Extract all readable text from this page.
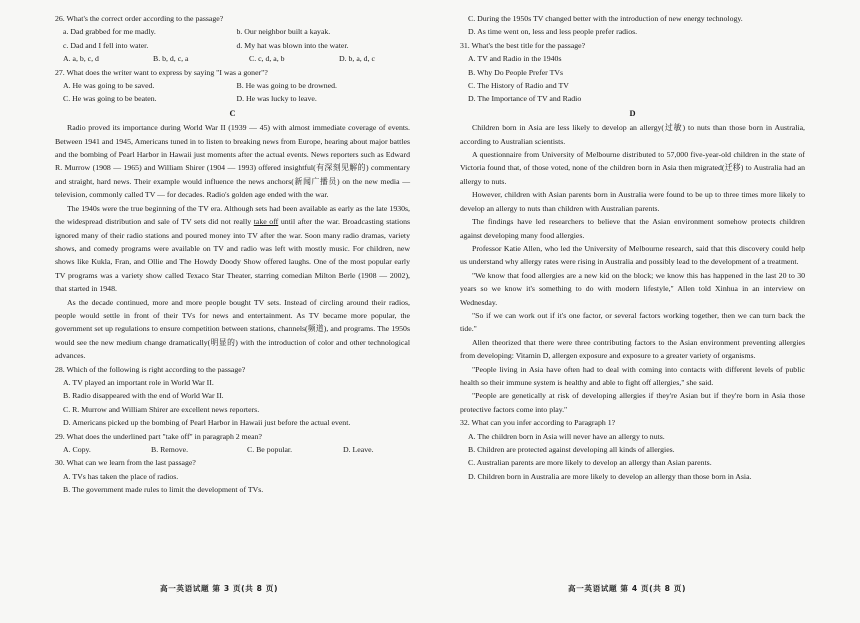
26. What's the correct order according to the passage?

a. Dad grabbed for me madly.	b. Our neighbor built a kayak.
c. Dad and I fell into water.	d. My hat was blown into the water.
A. a, b, c, d	B. b, d, c, a	C. c, d, a, b	D. b, a, d, c

27. What does the writer want to express by saying "I was a goner"?

A. He was going to be saved.	B. He was going to be drowned.
C. He was going to be beaten.	D. He was lucky to leave.
C

Radio proved its importance during World War II (1939 — 45) with almost immediate coverage of events. Between 1941 and 1945, Americans tuned in to listen to breaking news from Europe, hearing about major battles and the bombing of Pearl Harbor in Hawaii just moments after the actual events. News reporters such as Edward R. Murrow (1908 — 1965) and William Shirer (1904 — 1993) offered insightful(有深刻见解的) commentary and straight, hard news. Their example would influence the news anchors(新闻广播员) on the new media — television, commonly called TV — for decades. Radio's golden age ended with the war.

The 1940s were the true beginning of the TV era. Although sets had been available as early as the late 1930s, the widespread distribution and sale of TV sets did not really take off until after the war. Broadcasting stations ignored many of their radio stations and poured money into TV after the war. Soon many radio dramas, variety shows, and comedy programs were available on TV and radio was left with mostly music. For children, new shows like Kukla, Fran, and Ollie and The Howdy Doody Show offered laughs. One of the most popular early TV programs was a variety show called Texaco Star Theater, starring comedian Milton Berle (1908 — 2002), that started in 1948.

As the decade continued, more and more people bought TV sets. Instead of circling around their radios, people would settle in front of their TVs for news and entertainment. As TV became more popular, the government set up regulations to ensure competition between stations, channels(频道), and programs. The 1950s would see the new medium change dramatically(明显的) with the introduction of color and other technological advances.

28. Which of the following is right according to the passage?

A. TV played an important role in World War II.
B. Radio disappeared with the end of World War II.
C. R. Murrow and William Shirer are excellent news reporters.
D. Americans picked up the bombing of Pearl Harbor in Hawaii just before the actual event.

29. What does the underlined part "take off" in paragraph 2 mean?

A. Copy.	B. Remove.	C. Be popular.	D. Leave.

30. What can we learn from the last passage?

A. TVs has taken the place of radios.
B. The government made rules to limit the development of TVs.
C. During the 1950s TV changed better with the introduction of new energy technology.
D. As time went on, less and less people prefer radios.

31. What's the best title for the passage?

A. TV and Radio in the 1940s
B. Why Do People Prefer TVs
C. The History of Radio and TV
D. The Importance of TV and Radio
D

Children born in Asia are less likely to develop an allergy(过敏) to nuts than those born in Australia, according to Australian scientists.

A questionnaire from University of Melbourne distributed to 57,000 five-year-old children in the state of Victoria found that, of those voted, none of the children born in Asia then migrated(迁移) to Australia had an allergy to nuts.

However, children with Asian parents born in Australia were found to be up to three times more likely to develop an allergy to nuts than children with Australian parents.

The findings have led researchers to believe that the Asian environment somehow protects children against developing many food allergies.

Professor Katie Allen, who led the University of Melbourne research, said that this discovery could help us understand why allergy rates were rising in Australia and possibly lead to the development of a treatment.

"We know that food allergies are a new kid on the block; we know this has happened in the last 20 to 30 years so we know it's something to do with modern lifestyle," Allen told Xinhua in an interview on Wednesday.

"So if we can work out if it's one factor, or several factors working together, then we can turn back the tide."

Allen theorized that there were three contributing factors to the Asian environment preventing allergies from developing: Vitamin D, allergen exposure and exposure to a greater variety of organisms.

"People living in Asia have often had to deal with coming into contacts with different levels of public health so their immune system is healthy and able to fight off allergies," she said.

"People are genetically at risk of developing allergies if they're Asian but if they're born in Asia those protective factors come into play."

32. What can you infer according to Paragraph 1?

A. The children born in Asia will never have an allergy to nuts.
B. Children are protected against developing all kinds of allergies.
C. Australian parents are more likely to develop an allergy than Asian parents.
D. Children born in Australia are more likely to develop an allergy than those born in Asia.
高一英语试题 第 3 页(共 8 页)	高一英语试题 第 4 页(共 8 页)
